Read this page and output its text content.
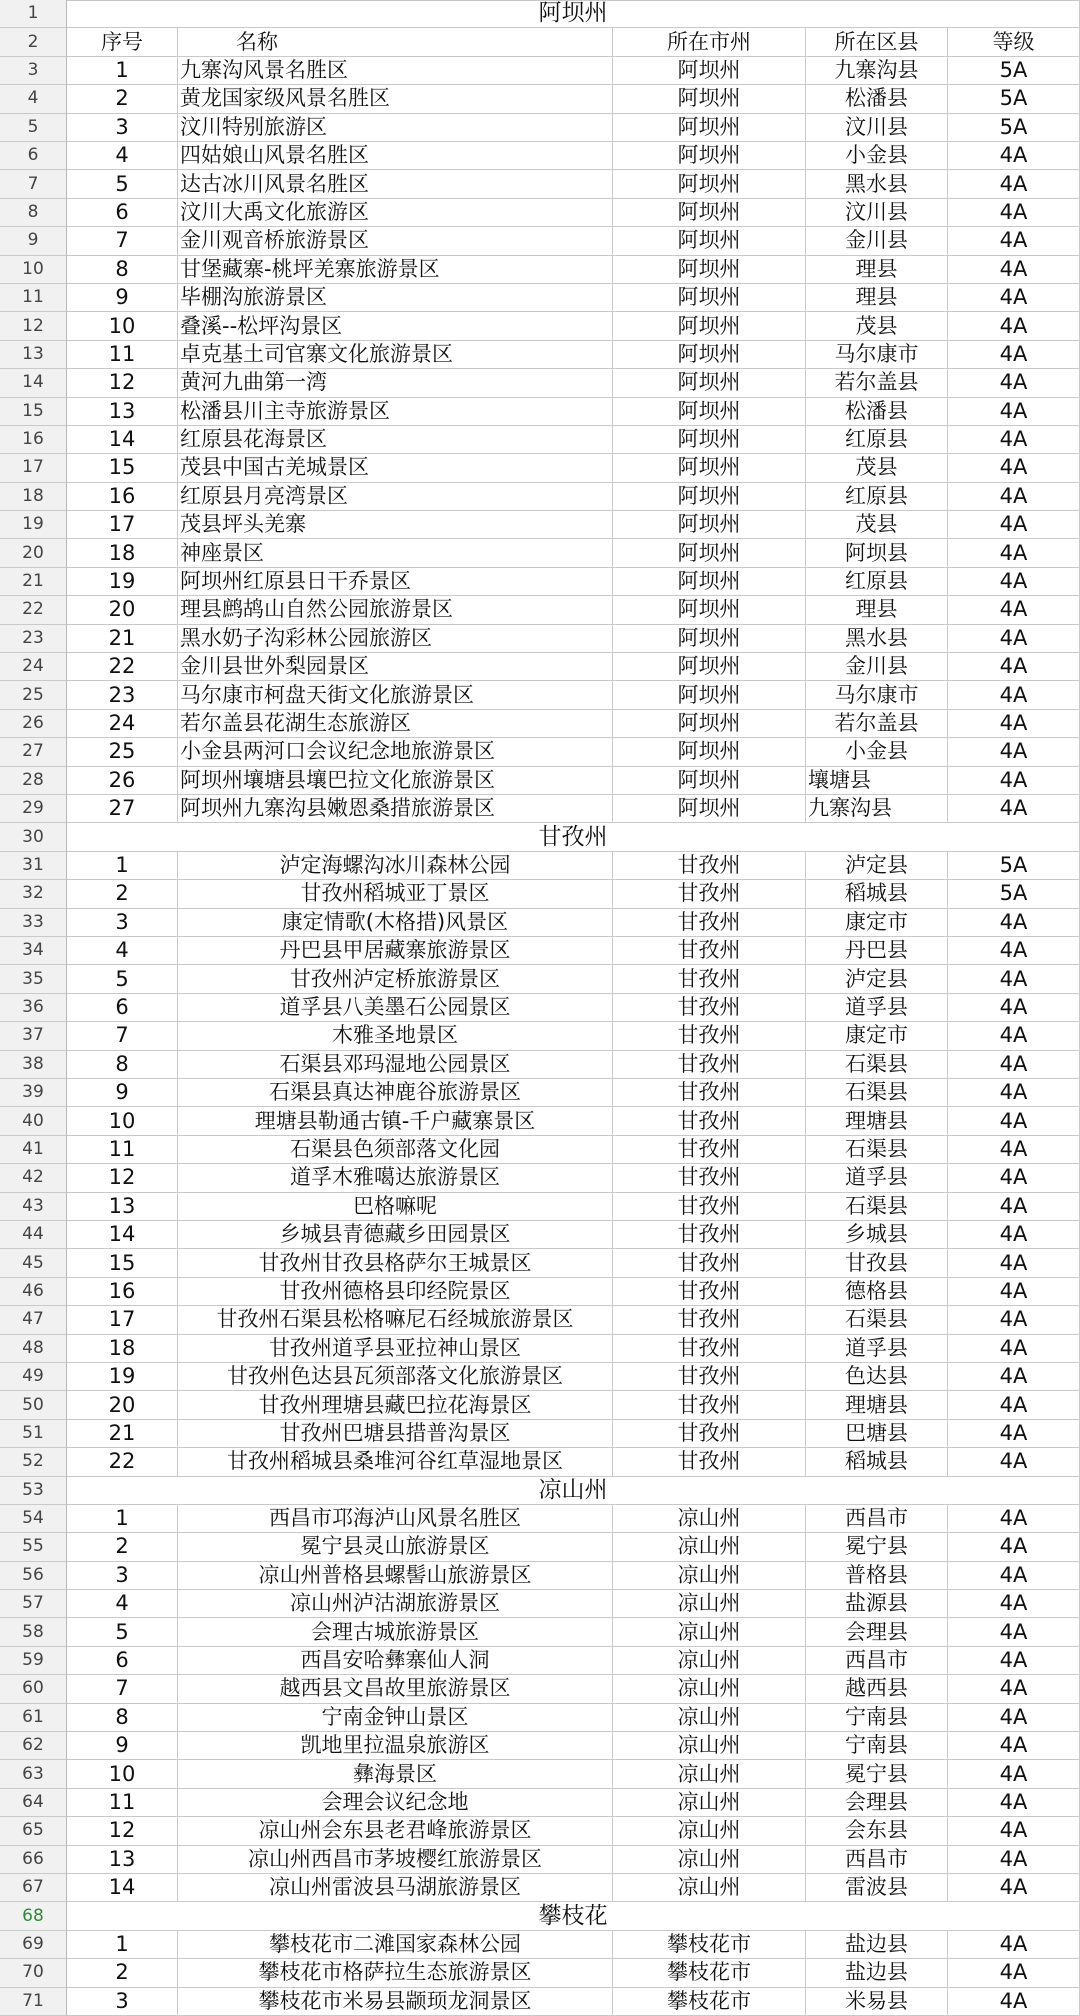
1	阿坝州
2	序号	名称	所在市州	所在区县	等级
3	1	九寨沟风景名胜区	阿坝州	九寨沟县	5A
4	2	黄龙国家级风景名胜区	阿坝州	松潘县	5A
5	3	汶川特别旅游区	阿坝州	汶川县	5A
6	4	四姑娘山风景名胜区	阿坝州	小金县	4A
7	5	达古冰川风景名胜区	阿坝州	黑水县	4A
8	6	汶川大禹文化旅游区	阿坝州	汶川县	4A
9	7	金川观音桥旅游景区	阿坝州	金川县	4A
10	8	甘堡藏寨-桃坪羌寨旅游景区	阿坝州	理县	4A
11	9	毕棚沟旅游景区	阿坝州	理县	4A
12	10	叠溪--松坪沟景区	阿坝州	茂县	4A
13	11	卓克基土司官寨文化旅游景区	阿坝州	马尔康市	4A
14	12	黄河九曲第一湾	阿坝州	若尔盖县	4A
15	13	松潘县川主寺旅游景区	阿坝州	松潘县	4A
16	14	红原县花海景区	阿坝州	红原县	4A
17	15	茂县中国古羌城景区	阿坝州	茂县	4A
18	16	红原县月亮湾景区	阿坝州	红原县	4A
19	17	茂县坪头羌寨	阿坝州	茂县	4A
20	18	神座景区	阿坝州	阿坝县	4A
21	19	阿坝州红原县日干乔景区	阿坝州	红原县	4A
22	20	理县鹧鸪山自然公园旅游景区	阿坝州	理县	4A
23	21	黑水奶子沟彩林公园旅游区	阿坝州	黑水县	4A
24	22	金川县世外梨园景区	阿坝州	金川县	4A
25	23	马尔康市柯盘天街文化旅游景区	阿坝州	马尔康市	4A
26	24	若尔盖县花湖生态旅游区	阿坝州	若尔盖县	4A
27	25	小金县两河口会议纪念地旅游景区	阿坝州	小金县	4A
28	26	阿坝州壤塘县壤巴拉文化旅游景区	阿坝州	壤塘县	4A
29	27	阿坝州九寨沟县嫩恩桑措旅游景区	阿坝州	九寨沟县	4A
30	甘孜州
31	1	泸定海螺沟冰川森林公园	甘孜州	泸定县	5A
32	2	甘孜州稻城亚丁景区	甘孜州	稻城县	5A
33	3	康定情歌(木格措)风景区	甘孜州	康定市	4A
34	4	丹巴县甲居藏寨旅游景区	甘孜州	丹巴县	4A
35	5	甘孜州泸定桥旅游景区	甘孜州	泸定县	4A
36	6	道孚县八美墨石公园景区	甘孜州	道孚县	4A
37	7	木雅圣地景区	甘孜州	康定市	4A
38	8	石渠县邓玛湿地公园景区	甘孜州	石渠县	4A
39	9	石渠县真达神鹿谷旅游景区	甘孜州	石渠县	4A
40	10	理塘县勒通古镇-千户藏寨景区	甘孜州	理塘县	4A
41	11	石渠县色须部落文化园	甘孜州	石渠县	4A
42	12	道孚木雅噶达旅游景区	甘孜州	道孚县	4A
43	13	巴格嘛呢	甘孜州	石渠县	4A
44	14	乡城县青德藏乡田园景区	甘孜州	乡城县	4A
45	15	甘孜州甘孜县格萨尔王城景区	甘孜州	甘孜县	4A
46	16	甘孜州德格县印经院景区	甘孜州	德格县	4A
47	17	甘孜州石渠县松格嘛尼石经城旅游景区	甘孜州	石渠县	4A
48	18	甘孜州道孚县亚拉神山景区	甘孜州	道孚县	4A
49	19	甘孜州色达县瓦须部落文化旅游景区	甘孜州	色达县	4A
50	20	甘孜州理塘县藏巴拉花海景区	甘孜州	理塘县	4A
51	21	甘孜州巴塘县措普沟景区	甘孜州	巴塘县	4A
52	22	甘孜州稻城县桑堆河谷红草湿地景区	甘孜州	稻城县	4A
53	凉山州
54	1	西昌市邛海泸山风景名胜区	凉山州	西昌市	4A
55	2	冕宁县灵山旅游景区	凉山州	冕宁县	4A
56	3	凉山州普格县螺髻山旅游景区	凉山州	普格县	4A
57	4	凉山州泸沽湖旅游景区	凉山州	盐源县	4A
58	5	会理古城旅游景区	凉山州	会理县	4A
59	6	西昌安哈彝寨仙人洞	凉山州	西昌市	4A
60	7	越西县文昌故里旅游景区	凉山州	越西县	4A
61	8	宁南金钟山景区	凉山州	宁南县	4A
62	9	凯地里拉温泉旅游区	凉山州	宁南县	4A
63	10	彝海景区	凉山州	冕宁县	4A
64	11	会理会议纪念地	凉山州	会理县	4A
65	12	凉山州会东县老君峰旅游景区	凉山州	会东县	4A
66	13	凉山州西昌市茅坡樱红旅游景区	凉山州	西昌市	4A
67	14	凉山州雷波县马湖旅游景区	凉山州	雷波县	4A
68	攀枝花
69	1	攀枝花市二滩国家森林公园	攀枝花市	盐边县	4A
70	2	攀枝花市格萨拉生态旅游景区	攀枝花市	盐边县	4A
71	3	攀枝花市米易县颛顼龙洞景区	攀枝花市	米易县	4A
